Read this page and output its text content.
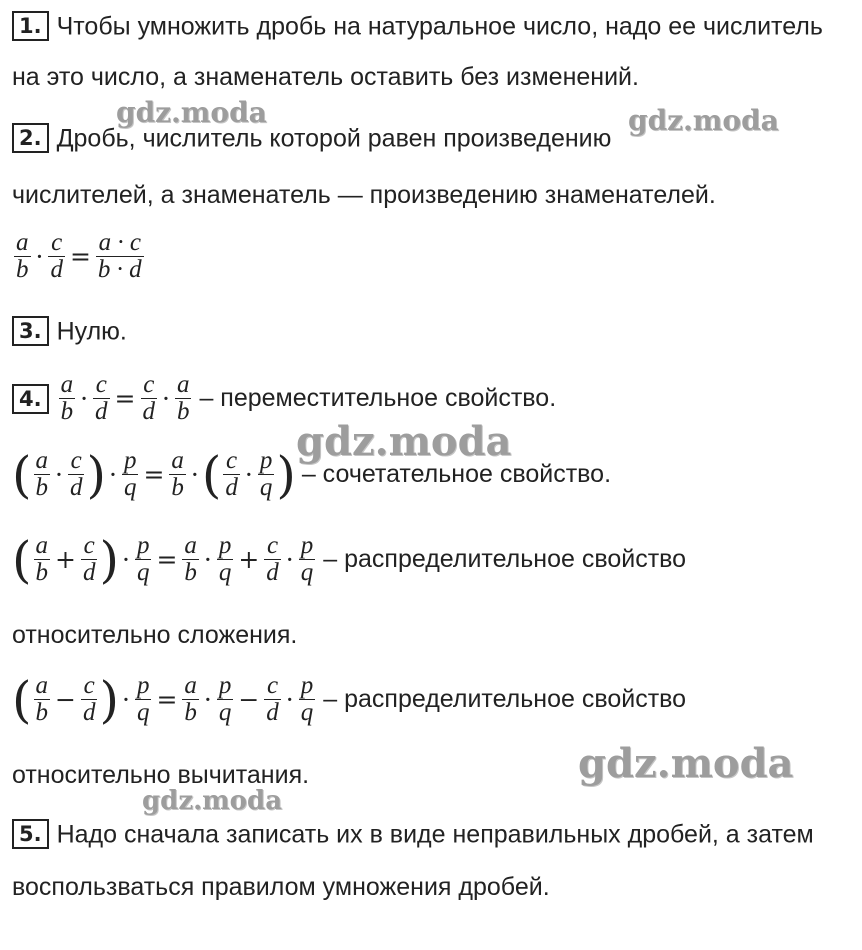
1. Чтобы умножить дробь на натуральное число, надо ее числитель
на это число, а знаменатель оставить без изменений.
2. Дробь, числитель которой равен произведению
числителей, а знаменатель — произведению знаменателей.
$\frac{a}{b} \cdot \frac{c}{d} = \frac{a \cdot c}{b \cdot d}$
3. Нулю.
4. $\frac{a}{b} \cdot \frac{c}{d} = \frac{c}{d} \cdot \frac{a}{b}$ – переместительное свойство.
( $\frac{a}{b} \cdot \frac{c}{d}$ ) · $\frac{p}{q} = \frac{a}{b}$ · ( $\frac{c}{d} \cdot \frac{p}{q}$ ) – сочетательное свойство.
( $\frac{a}{b} + \frac{c}{d}$ ) · $\frac{p}{q} = \frac{a}{b} \cdot \frac{p}{q} + \frac{c}{d} \cdot \frac{p}{q}$ – распределительное свойство
относительно сложения.
( $\frac{a}{b} - \frac{c}{d}$ ) · $\frac{p}{q} = \frac{a}{b} \cdot \frac{p}{q} - \frac{c}{d} \cdot \frac{p}{q}$ – распределительное свойство
относительно вычитания.
5. Надо сначала записать их в виде неправильных дробей, а затем
воспользваться правилом умножения дробей.
gdz.moda	gdz.moda
gdz.moda
gdz.moda
gdz.moda
